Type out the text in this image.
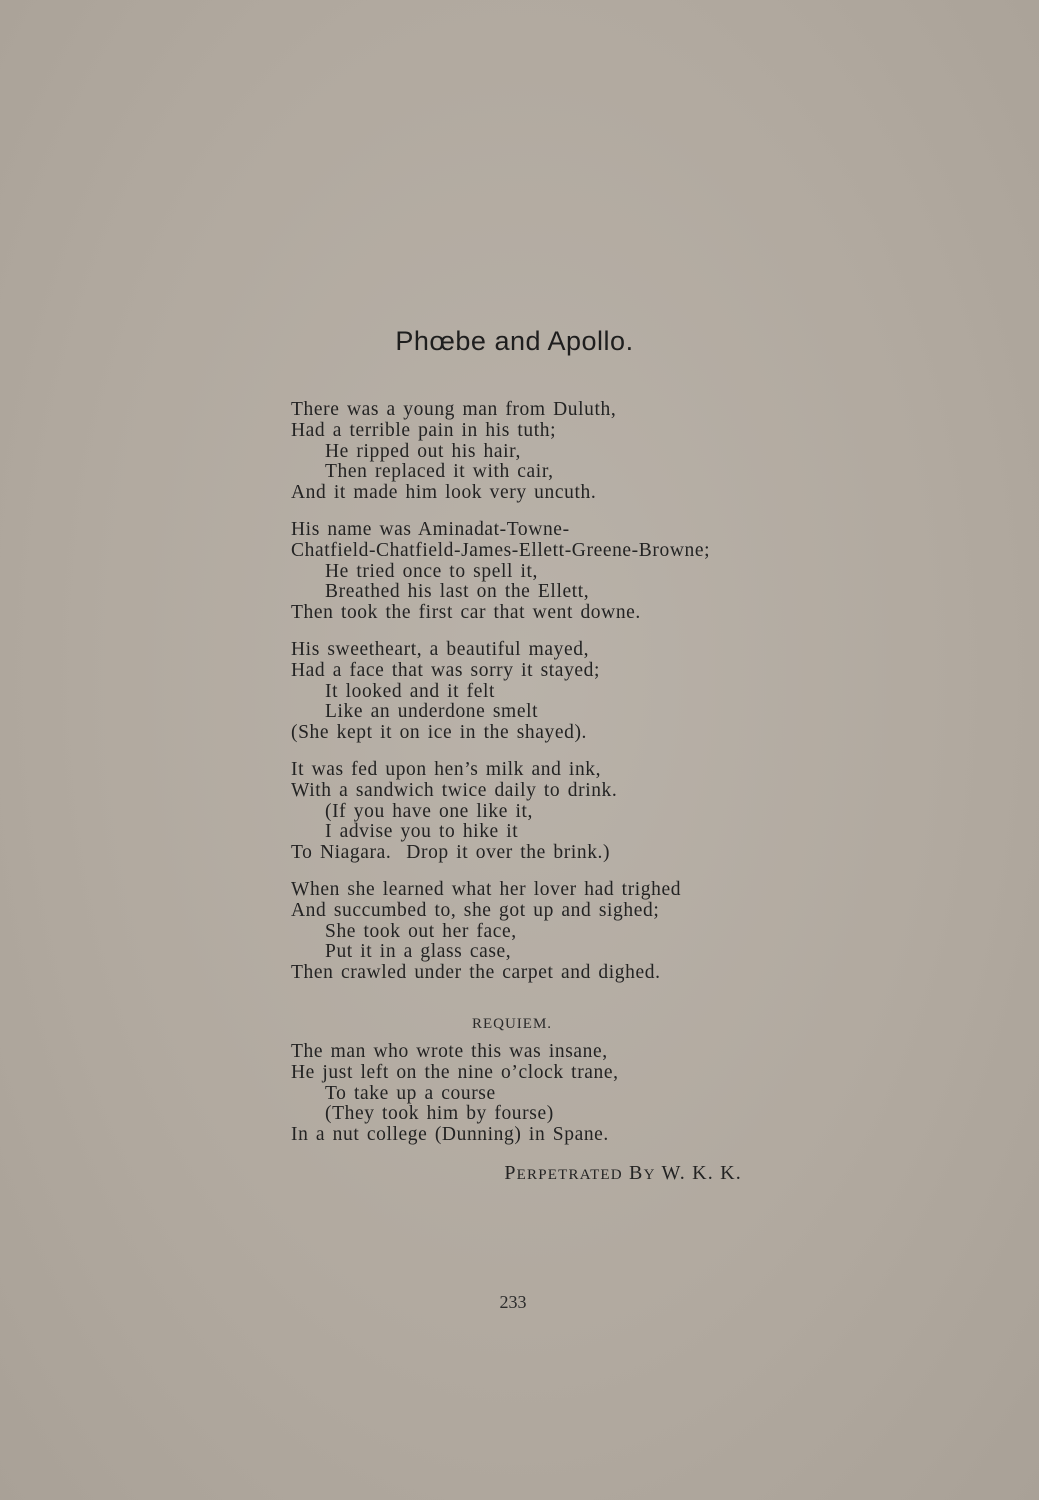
Phœbe and Apollo.
There was a young man from Duluth,
Had a terrible pain in his tuth;
He ripped out his hair,
Then replaced it with cair,
And it made him look very uncuth.
His name was Aminadat-Towne-
Chatfield-Chatfield-James-Ellett-Greene-Browne;
He tried once to spell it,
Breathed his last on the Ellett,
Then took the first car that went downe.
His sweetheart, a beautiful mayed,
Had a face that was sorry it stayed;
It looked and it felt
Like an underdone smelt
(She kept it on ice in the shayed).
It was fed upon hen’s milk and ink,
With a sandwich twice daily to drink.
(If you have one like it,
I advise you to hike it
To Niagara.  Drop it over the brink.)
When she learned what her lover had trighed
And succumbed to, she got up and sighed;
She took out her face,
Put it in a glass case,
Then crawled under the carpet and dighed.
REQUIEM.
The man who wrote this was insane,
He just left on the nine o’clock trane,
To take up a course
(They took him by fourse)
In a nut college (Dunning) in Spane.
PERPETRATED BY W. K. K.
233
